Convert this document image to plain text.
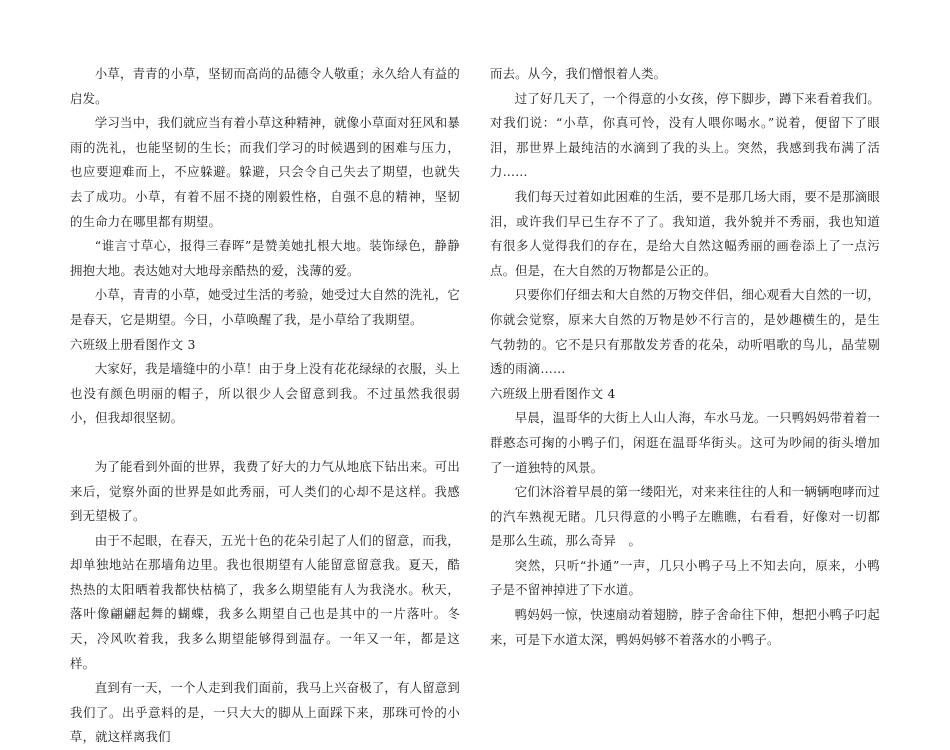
小草，青青的小草，坚韧而高尚的品德令人敬重；永久给人有益的启发。

学习当中，我们就应当有着小草这种精神，就像小草面对狂风和暴雨的洗礼，也能坚韧的生长；而我们学习的时候遇到的困难与压力，也应要迎难而上，不应躲避。躲避，只会令自己失去了期望，也就失去了成功。小草，有着不屈不挠的刚毅性格，自强不息的精神，坚韧的生命力在哪里都有期望。

“谁言寸草心，报得三春晖”是赞美她扎根大地。装饰绿色，静静拥抱大地。表达她对大地母亲酷热的爱，浅薄的爱。

小草，青青的小草，她受过生活的考验，她受过大自然的洗礼，它是春天，它是期望。今日，小草唤醒了我，是小草给了我期望。

六班级上册看图作文 3

大家好，我是墙缝中的小草！由于身上没有花花绿绿的衣服，头上也没有颜色明丽的帽子，所以很少人会留意到我。不过虽然我很弱小，但我却很坚韧。

为了能看到外面的世界，我费了好大的力气从地底下钻出来。可出来后，觉察外面的世界是如此秀丽，可人类们的心却不是这样。我感到无望极了。

由于不起眼，在春天，五光十色的花朵引起了人们的留意，而我，却单独地站在那墙角边里。我也很期望有人能留意留意我。夏天，酷热热的太阳晒着我都快枯槁了，我多么期望能有人为我浇水。秋天，落叶像翩翩起舞的蝴蝶，我多么期望自己也是其中的一片落叶。冬天，冷风吹着我，我多么期望能够得到温存。一年又一年，都是这样。

直到有一天，一个人走到我们面前，我马上兴奋极了，有人留意到我们了。出乎意料的是，一只大大的脚从上面踩下来，那珠可怜的小草，就这样离我们

而去。从今，我们憎恨着人类。

过了好几天了，一个得意的小女孩，停下脚步，蹲下来看着我们。对我们说：“小草，你真可怜，没有人喂你喝水。”说着，便留下了眼泪，那世界上最纯洁的水滴到了我的头上。突然，我感到我布满了活力……

我们每天过着如此困难的生活，要不是那几场大雨，要不是那滴眼泪，或许我们早已生存不了了。我知道，我外貌并不秀丽，我也知道有很多人觉得我们的存在，是给大自然这幅秀丽的画卷添上了一点污点。但是，在大自然的万物都是公正的。

只要你们仔细去和大自然的万物交伴侣，细心观看大自然的一切，你就会觉察，原来大自然的万物是妙不行言的，是妙趣横生的，是生气勃勃的。它不是只有那散发芳香的花朵，动听唱歌的鸟儿，晶莹剔透的雨滴……

六班级上册看图作文 4

早晨，温哥华的大街上人山人海，车水马龙。一只鸭妈妈带着着一群憨态可掬的小鸭子们，闲逛在温哥华街头。这可为吵闹的街头增加了一道独特的风景。

它们沐浴着早晨的第一缕阳光，对来来往往的人和一辆辆咆哮而过的汽车熟视无睹。几只得意的小鸭子左瞧瞧，右看看，好像对一切都是那么生疏，那么奇异　。

突然，只听“扑通”一声，几只小鸭子马上不知去向，原来，小鸭子是不留神掉进了下水道。

鸭妈妈一惊，快速扇动着翅膀，脖子舍命往下伸，想把小鸭子叼起来，可是下水道太深，鸭妈妈够不着落水的小鸭子。
